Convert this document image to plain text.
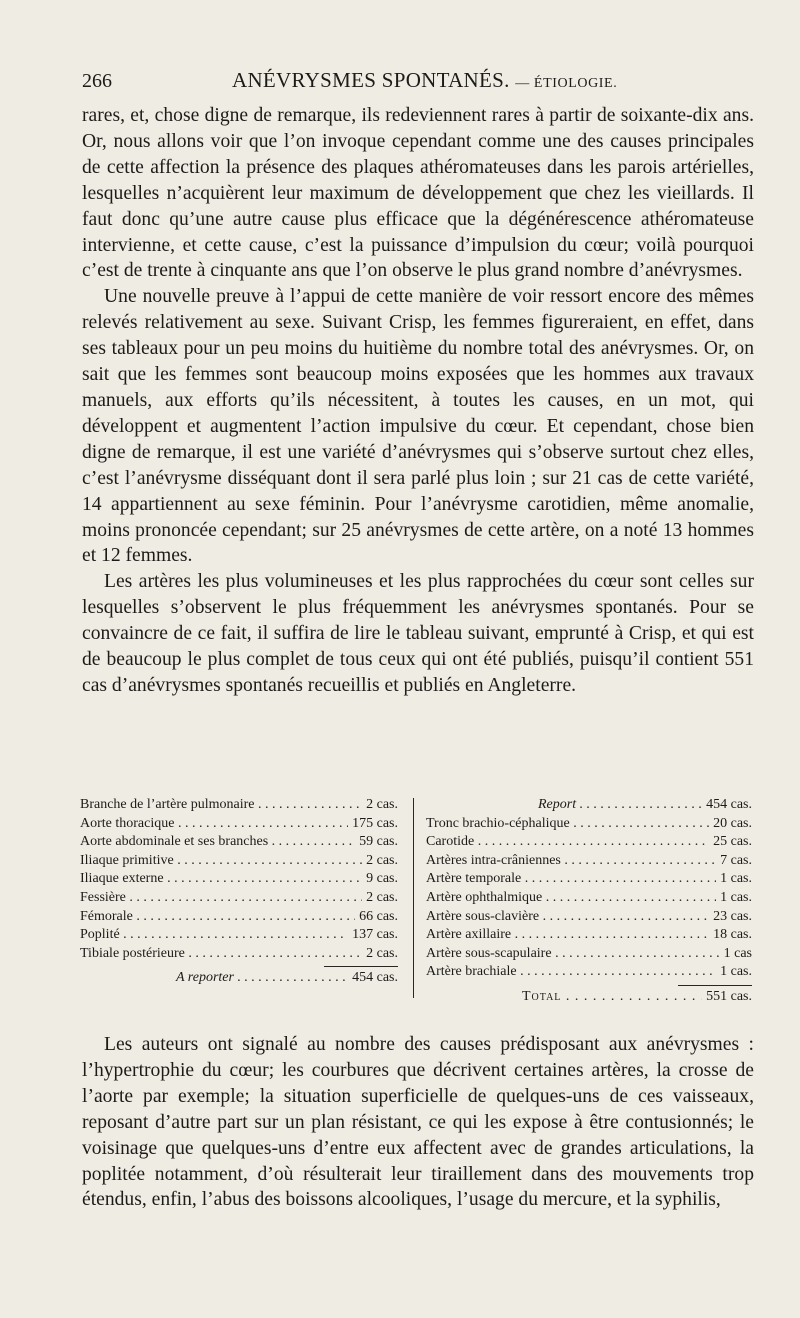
266	ANÉVRYSMES SPONTANÉS. — ÉTIOLOGIE.

rares, et, chose digne de remarque, ils redeviennent rares à partir de soixante-dix ans. Or, nous allons voir que l’on invoque cependant comme une des causes principales de cette affection la présence des plaques athéromateuses dans les parois artérielles, lesquelles n’acquièrent leur maximum de développement que chez les vieillards. Il faut donc qu’une autre cause plus efficace que la dégénérescence athéromateuse intervienne, et cette cause, c’est la puissance d’impulsion du cœur; voilà pourquoi c’est de trente à cinquante ans que l’on observe le plus grand nombre d’anévrysmes.

Une nouvelle preuve à l’appui de cette manière de voir ressort encore des mêmes relevés relativement au sexe. Suivant Crisp, les femmes figureraient, en effet, dans ses tableaux pour un peu moins du huitième du nombre total des anévrysmes. Or, on sait que les femmes sont beaucoup moins exposées que les hommes aux travaux manuels, aux efforts qu’ils nécessitent, à toutes les causes, en un mot, qui développent et augmentent l’action impulsive du cœur. Et cependant, chose bien digne de remarque, il est une variété d’anévrysmes qui s’observe surtout chez elles, c’est l’anévrysme disséquant dont il sera parlé plus loin ; sur 21 cas de cette variété, 14 appartiennent au sexe féminin. Pour l’anévrysme carotidien, même anomalie, moins prononcée cependant; sur 25 anévrysmes de cette artère, on a noté 13 hommes et 12 femmes.

Les artères les plus volumineuses et les plus rapprochées du cœur sont celles sur lesquelles s’observent le plus fréquemment les anévrysmes spontanés. Pour se convaincre de ce fait, il suffira de lire le tableau suivant, emprunté à Crisp, et qui est de beaucoup le plus complet de tous ceux qui ont été publiés, puisqu’il contient 551 cas d’anévrysmes spontanés recueillis et publiés en Angleterre.

Branche de l’artère pulmonaire . . .	2 cas.
Aorte thoracique . . .	175 cas.
Aorte abdominale et ses branches . . .	59 cas.
Iliaque primitive . . .	2 cas.
Iliaque externe . . .	9 cas.
Fessière . . .	2 cas.
Fémorale . . .	66 cas.
Poplité . . .	137 cas.
Tibiale postérieure . . .	2 cas.
A reporter . . .	454 cas.
Report . . .	454 cas.
Tronc brachio-céphalique . . .	20 cas.
Carotide . . .	25 cas.
Artères intra-crâniennes . . .	7 cas.
Artère temporale . . .	1 cas.
Artère ophthalmique . . .	1 cas.
Artère sous-clavière . . .	23 cas.
Artère axillaire . . .	18 cas.
Artère sous-scapulaire . . .	1 cas
Artère brachiale . . .	1 cas.
Total . . .	551 cas.

Les auteurs ont signalé au nombre des causes prédisposant aux anévrysmes : l’hypertrophie du cœur; les courbures que décrivent certaines artères, la crosse de l’aorte par exemple; la situation superficielle de quelques-uns de ces vaisseaux, reposant d’autre part sur un plan résistant, ce qui les expose à être contusionnés; le voisinage que quelques-uns d’entre eux affectent avec de grandes articulations, la poplitée notamment, d’où résulterait leur tiraillement dans des mouvements trop étendus, enfin, l’abus des boissons alcooliques, l’usage du mercure, et la syphilis,
